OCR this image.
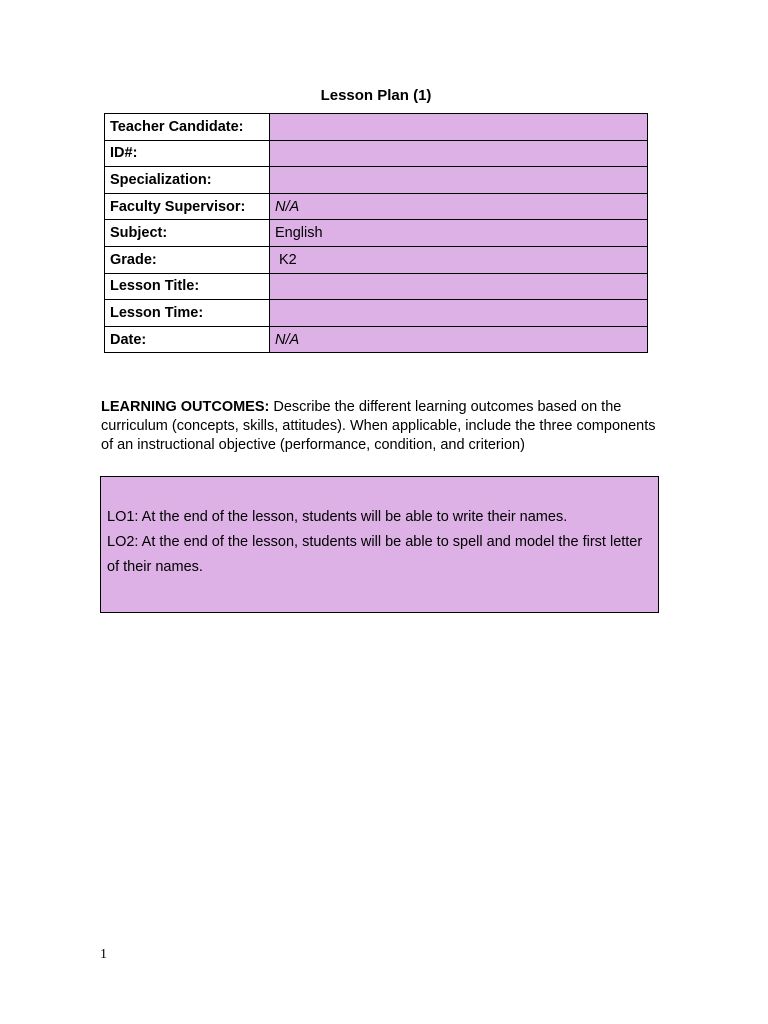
Lesson Plan (1)
Teacher Candidate:	
ID#:	
Specialization:	
Faculty Supervisor:	N/A
Subject:	English
Grade:	K2
Lesson Title:	
Lesson Time:	
Date:	N/A
LEARNING OUTCOMES: Describe the different learning outcomes based on the curriculum (concepts, skills, attitudes). When applicable, include the three components of an instructional objective (performance, condition, and criterion)

LO1: At the end of the lesson, students will be able to write their names.

LO2: At the end of the lesson, students will be able to spell and model the first letter of their names.

1
